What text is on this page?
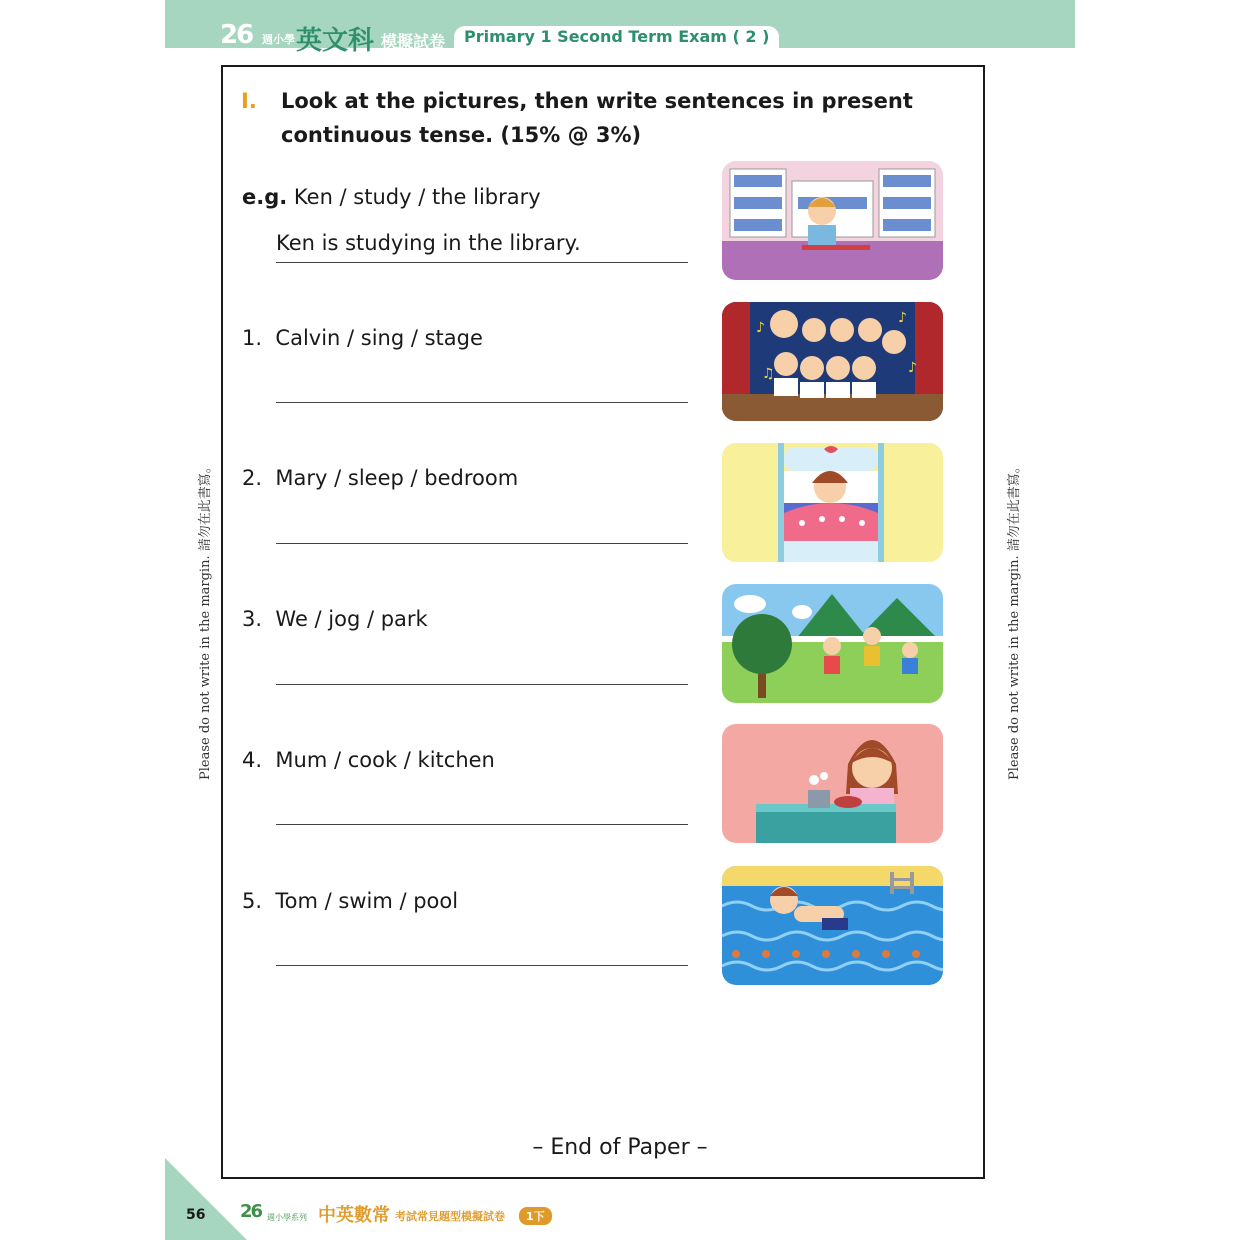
26 週小學 英文科 模擬試卷	Primary 1 Second Term Exam ( 2 )
Please do not write in the margin. 請勿在此書寫。	Please do not write in the margin. 請勿在此書寫。
I. Look at the pictures, then write sentences in present continuous tense. (15% @ 3%)
e.g. Ken / study / the library
Ken is studying in the library.
1. Calvin / sing / stage	♪
♪
♫	♪
2. Mary / sleep / bedroom
3. We / jog / park
4. Mum / cook / kitchen
5. Tom / swim / pool
– End of Paper –
56 26 週小學系列 中英數常 考試常見題型模擬試卷	1下
